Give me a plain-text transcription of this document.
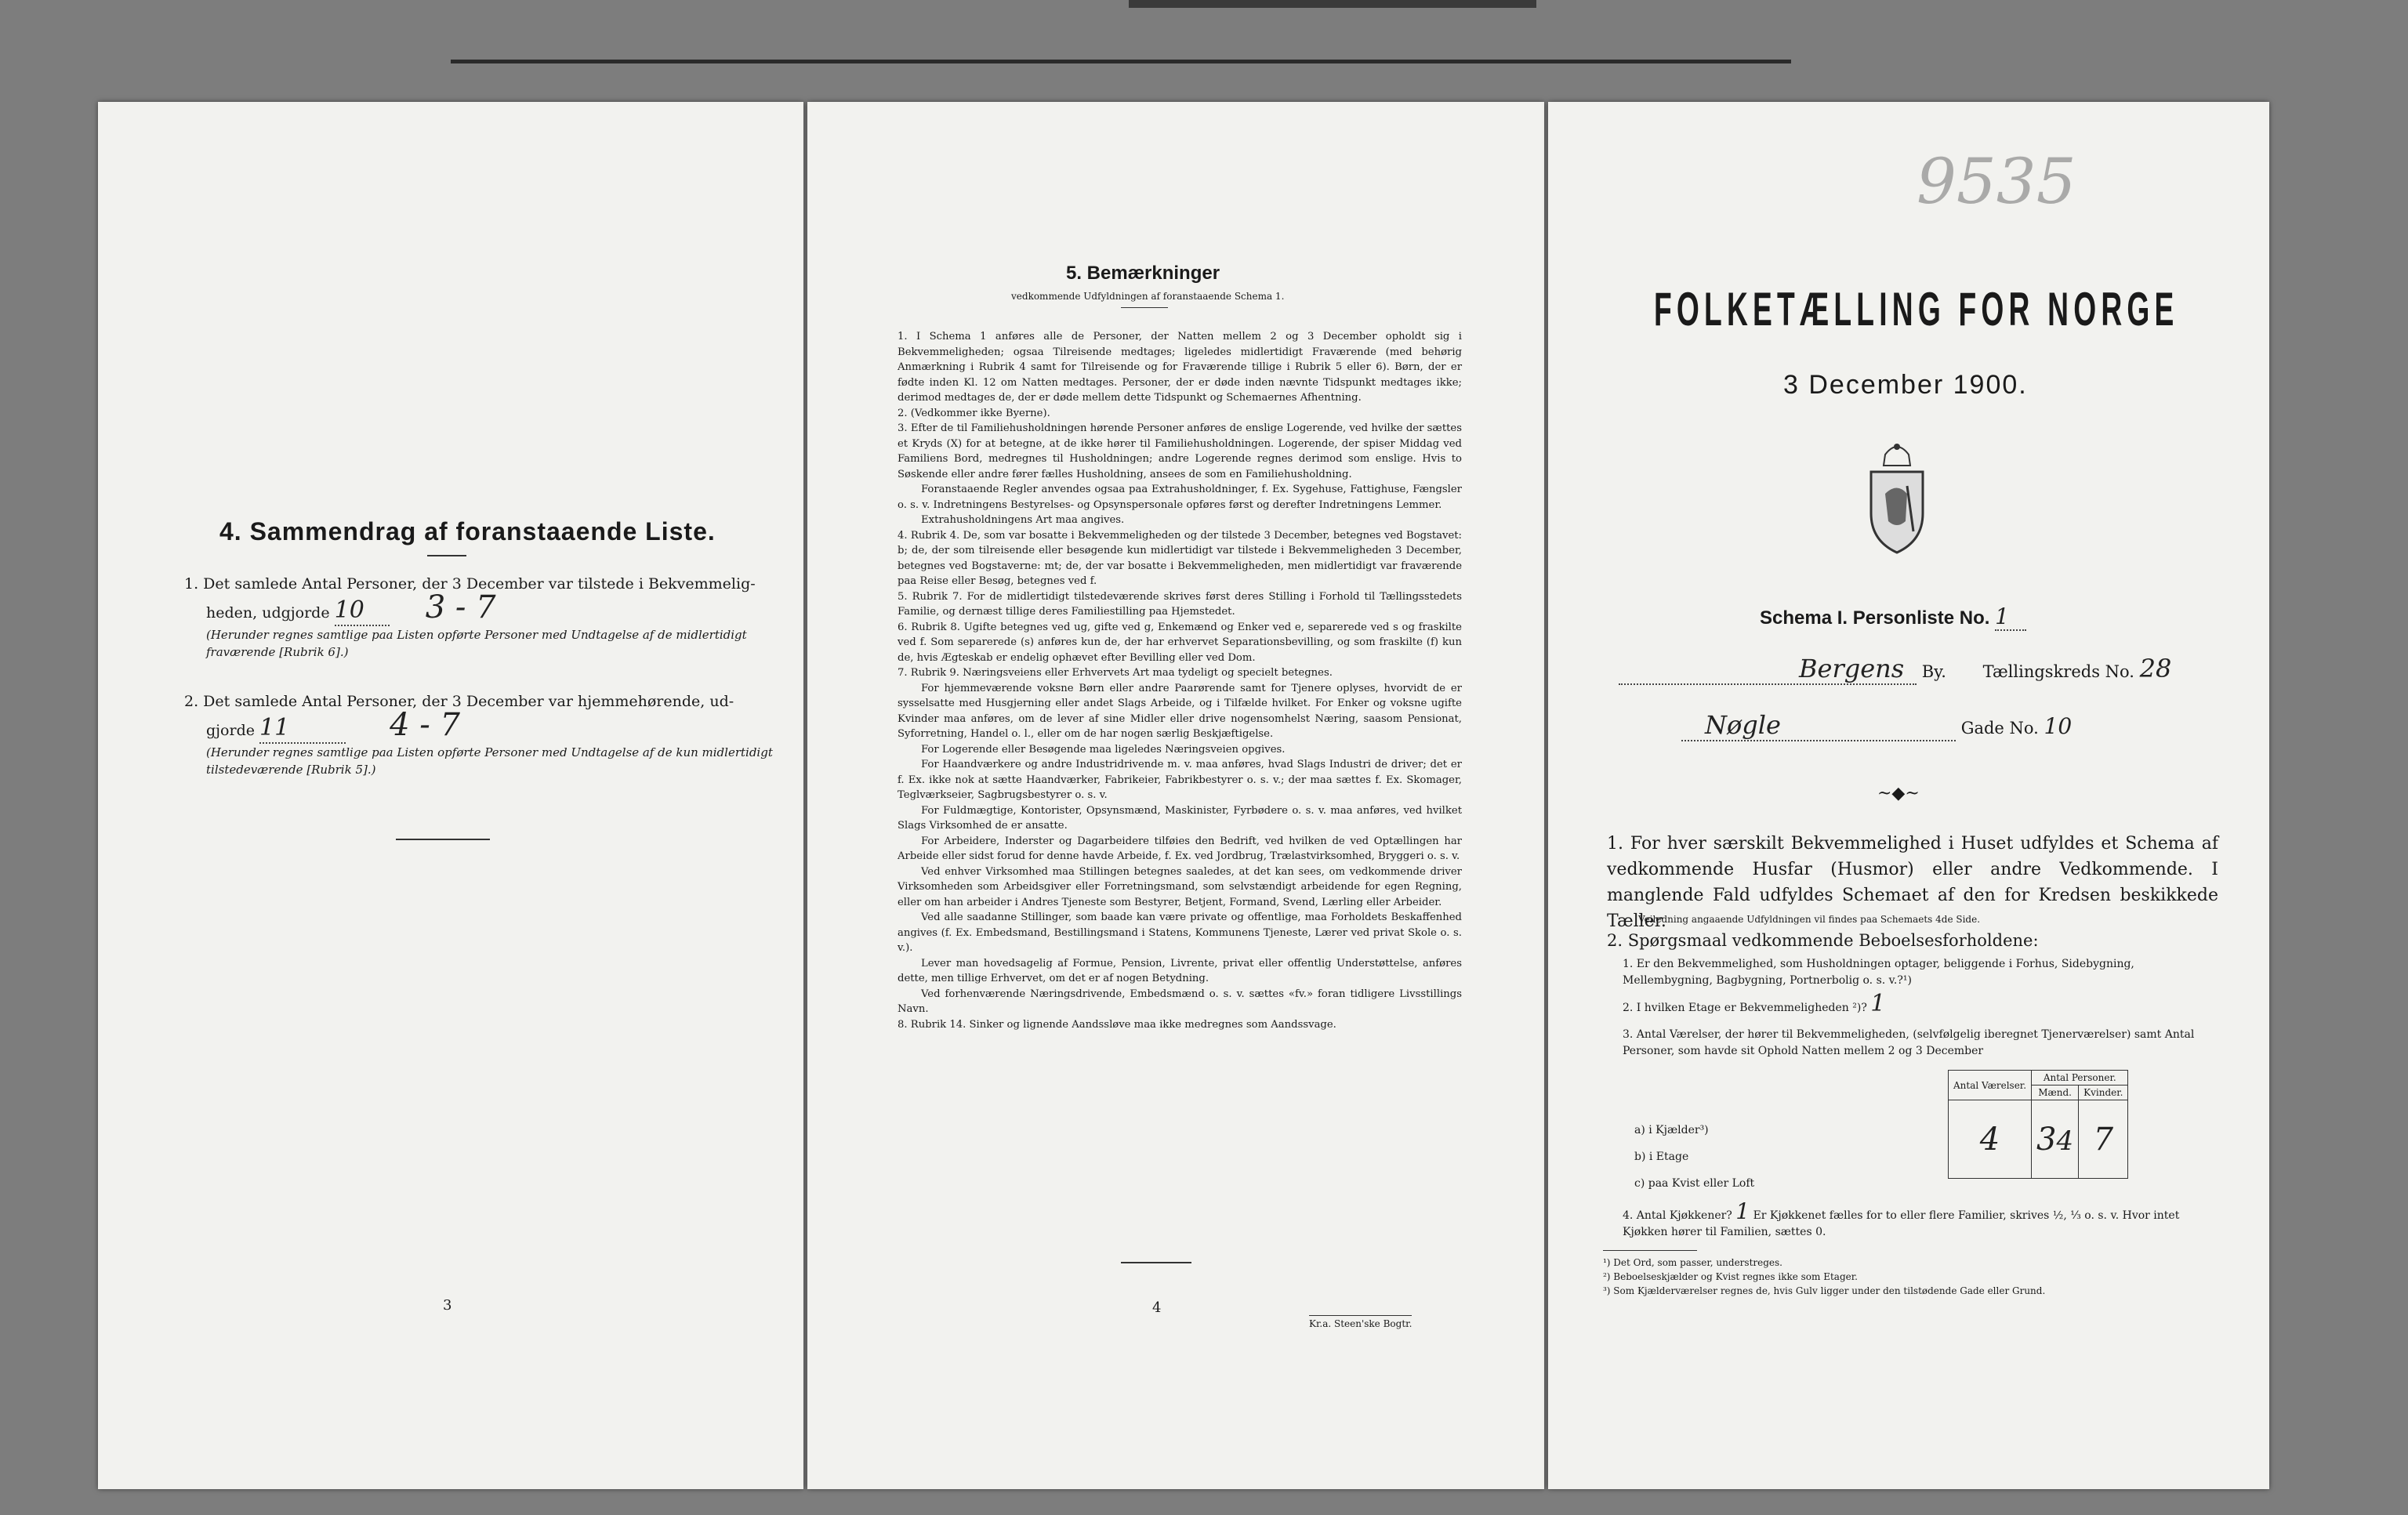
4. Sammendrag af foranstaaende Liste.
1. Det samlede Antal Personer, der 3 December var tilstede i Bekvemmelig-
heden, udgjorde 10 3 - 7
(Herunder regnes samtlige paa Listen opførte Personer med Undtagelse af de midlertidigt fraværende [Rubrik 6].)
2. Det samlede Antal Personer, der 3 December var hjemmehørende, ud-
gjorde 11	4 - 7
(Herunder regnes samtlige paa Listen opførte Personer med Undtagelse af de kun midlertidigt tilstedeværende [Rubrik 5].)
3
5. Bemærkninger
vedkommende Udfyldningen af foranstaaende Schema 1.

1. I Schema 1 anføres alle de Personer, der Natten mellem 2 og 3 December opholdt sig i Bekvemmeligheden; ogsaa Tilreisende medtages; ligeledes midlertidigt Fraværende (med behørig Anmærkning i Rubrik 4 samt for Tilreisende og for Fraværende tillige i Rubrik 5 eller 6). Børn, der er fødte inden Kl. 12 om Natten medtages. Personer, der er døde inden nævnte Tidspunkt medtages ikke; derimod medtages de, der er døde mellem dette Tidspunkt og Schemaernes Afhentning.

2. (Vedkommer ikke Byerne).

3. Efter de til Familiehusholdningen hørende Personer anføres de enslige Logerende, ved hvilke der sættes et Kryds (X) for at betegne, at de ikke hører til Familiehusholdningen. Logerende, der spiser Middag ved Familiens Bord, medregnes til Husholdningen; andre Logerende regnes derimod som enslige. Hvis to Søskende eller andre fører fælles Husholdning, ansees de som en Familiehusholdning.

Foranstaaende Regler anvendes ogsaa paa Extrahusholdninger, f. Ex. Sygehuse, Fattighuse, Fængsler o. s. v. Indretningens Bestyrelses- og Opsynspersonale opføres først og derefter Indretningens Lemmer.

Extrahusholdningens Art maa angives.

4. Rubrik 4. De, som var bosatte i Bekvemmeligheden og der tilstede 3 December, betegnes ved Bogstavet: b; de, der som tilreisende eller besøgende kun midlertidigt var tilstede i Bekvemmeligheden 3 December, betegnes ved Bogstaverne: mt; de, der var bosatte i Bekvemmeligheden, men midlertidigt var fraværende paa Reise eller Besøg, betegnes ved f.

5. Rubrik 7. For de midlertidigt tilstedeværende skrives først deres Stilling i Forhold til Tællingsstedets Familie, og dernæst tillige deres Familiestilling paa Hjemstedet.

6. Rubrik 8. Ugifte betegnes ved ug, gifte ved g, Enkemænd og Enker ved e, separerede ved s og fraskilte ved f. Som separerede (s) anføres kun de, der har erhvervet Separationsbevilling, og som fraskilte (f) kun de, hvis Ægteskab er endelig ophævet efter Bevilling eller ved Dom.

7. Rubrik 9. Næringsveiens eller Erhvervets Art maa tydeligt og specielt betegnes.

For hjemmeværende voksne Børn eller andre Paarørende samt for Tjenere oplyses, hvorvidt de er sysselsatte med Husgjerning eller andet Slags Arbeide, og i Tilfælde hvilket. For Enker og voksne ugifte Kvinder maa anføres, om de lever af sine Midler eller drive nogensomhelst Næring, saasom Pensionat, Syforretning, Handel o. l., eller om de har nogen særlig Beskjæftigelse.

For Logerende eller Besøgende maa ligeledes Næringsveien opgives.

For Haandværkere og andre Industridrivende m. v. maa anføres, hvad Slags Industri de driver; det er f. Ex. ikke nok at sætte Haandværker, Fabrikeier, Fabrikbestyrer o. s. v.; der maa sættes f. Ex. Skomager, Teglværkseier, Sagbrugsbestyrer o. s. v.

For Fuldmægtige, Kontorister, Opsynsmænd, Maskinister, Fyrbødere o. s. v. maa anføres, ved hvilket Slags Virksomhed de er ansatte.

For Arbeidere, Inderster og Dagarbeidere tilføies den Bedrift, ved hvilken de ved Optællingen har Arbeide eller sidst forud for denne havde Arbeide, f. Ex. ved Jordbrug, Trælastvirksomhed, Bryggeri o. s. v.

Ved enhver Virksomhed maa Stillingen betegnes saaledes, at det kan sees, om vedkommende driver Virksomheden som Arbeidsgiver eller Forretningsmand, som selvstændigt arbeidende for egen Regning, eller om han arbeider i Andres Tjeneste som Bestyrer, Betjent, Formand, Svend, Lærling eller Arbeider.

Ved alle saadanne Stillinger, som baade kan være private og offentlige, maa Forholdets Beskaffenhed angives (f. Ex. Embedsmand, Bestillingsmand i Statens, Kommunens Tjeneste, Lærer ved privat Skole o. s. v.).

Lever man hovedsagelig af Formue, Pension, Livrente, privat eller offentlig Understøttelse, anføres dette, men tillige Erhvervet, om det er af nogen Betydning.

Ved forhenværende Næringsdrivende, Embedsmænd o. s. v. sættes «fv.» foran tidligere Livsstillings Navn.

8. Rubrik 14. Sinker og lignende Aandssløve maa ikke medregnes som Aandssvage.

4
Kr.a. Steen'ske Bogtr.
9535
FOLKETÆLLING FOR NORGE
3 December 1900.
Schema I. Personliste No. 1
Bergens By. Tællingskreds No. 28
Nøgle	Gade No. 10
~◆~
1. For hver særskilt Bekvemmelighed i Huset udfyldes et Schema af vedkommende Husfar (Husmor) eller andre Vedkommende. I manglende Fald udfyldes Schemaet af den for Kredsen beskikkede Tæller.
Veiledning angaaende Udfyldningen vil findes paa Schemaets 4de Side.
2. Spørgsmaal vedkommende Beboelsesforholdene:
1. Er den Bekvemmelighed, som Husholdningen optager, beliggende i Forhus, Sidebygning, Mellembygning, Bagbygning, Portnerbolig o. s. v.?¹)
2. I hvilken Etage er Bekvemmeligheden ²)? 1
3. Antal Værelser, der hører til Bekvemmeligheden, (selvfølgelig iberegnet Tjenerværelser) samt Antal Personer, som havde sit Ophold Natten mellem 2 og 3 December
a) i Kjælder³)
b) i Etage
c) paa Kvist eller Loft
Antal Værelser.	Antal Personer.	
	Mænd.	Kvinder.
4	34	7
4. Antal Kjøkkener? 1 Er Kjøkkenet fælles for to eller flere Familier, skrives ½, ⅓ o. s. v. Hvor intet Kjøkken hører til Familien, sættes 0.
¹) Det Ord, som passer, understreges.
²) Beboelseskjælder og Kvist regnes ikke som Etager.
³) Som Kjælderværelser regnes de, hvis Gulv ligger under den tilstødende Gade eller Grund.
